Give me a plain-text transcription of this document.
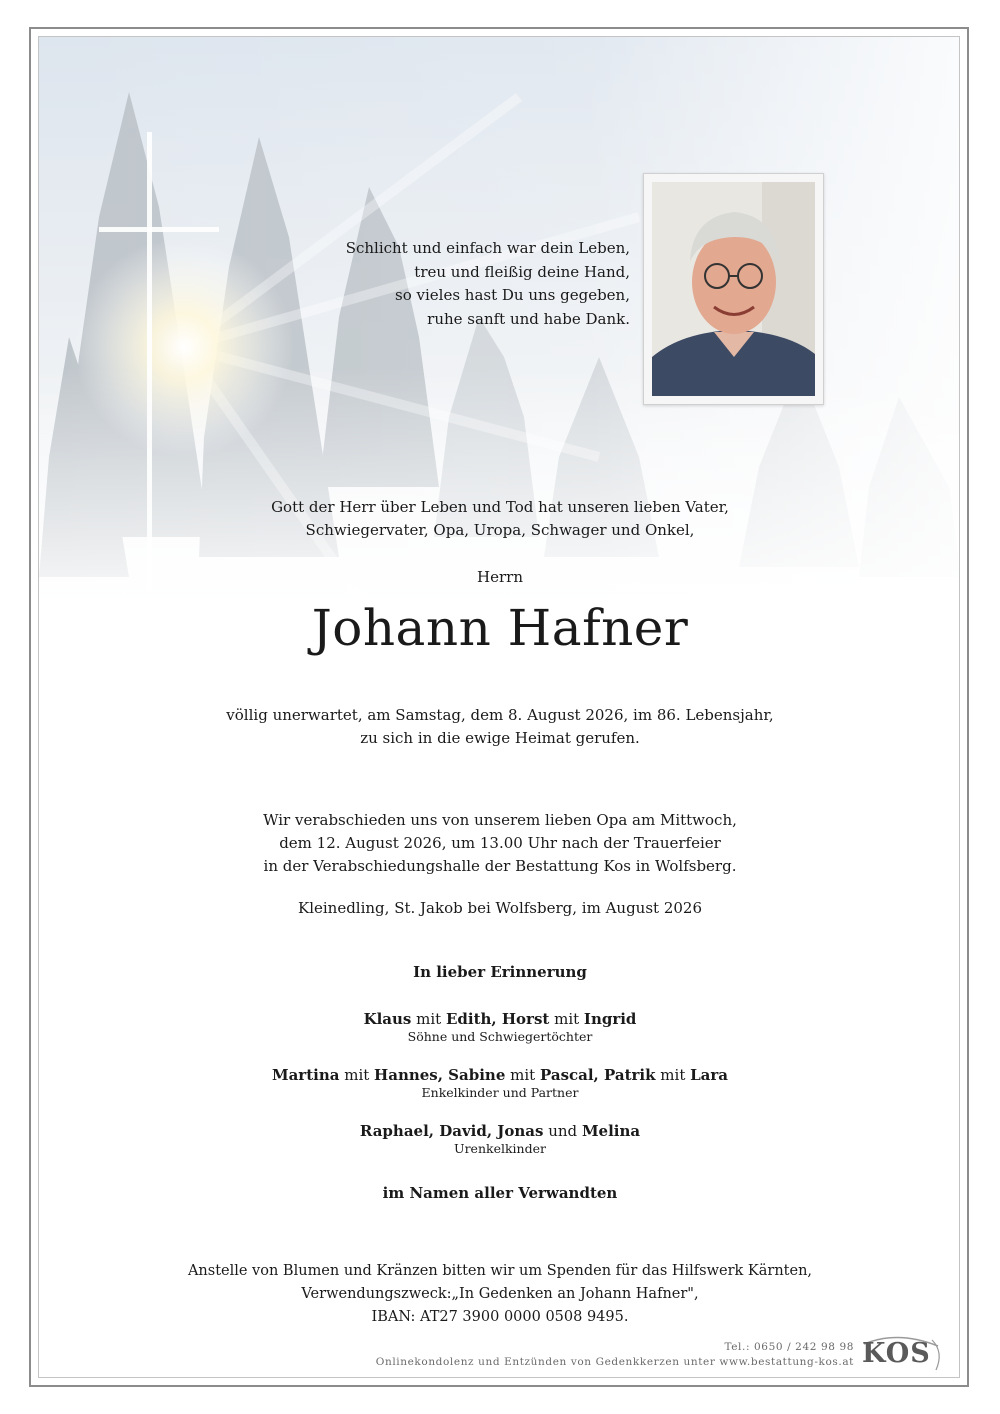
Schlicht und einfach war dein Leben,
treu und fleißig deine Hand,
so vieles hast Du uns gegeben,
ruhe sanft und habe Dank.
Gott der Herr über Leben und Tod hat unseren lieben Vater,
Schwiegervater, Opa, Uropa, Schwager und Onkel,
Herrn
Johann Hafner
völlig unerwartet, am Samstag, dem 8. August 2026, im 86. Lebensjahr,
zu sich in die ewige Heimat gerufen.
Wir verabschieden uns von unserem lieben Opa am Mittwoch,
dem 12. August 2026, um 13.00 Uhr nach der Trauerfeier
in der Verabschiedungshalle der Bestattung Kos in Wolfsberg.
Kleinedling, St. Jakob bei Wolfsberg, im August 2026
In lieber Erinnerung
Klaus mit Edith, Horst mit Ingrid
Söhne und Schwiegertöchter
Martina mit Hannes, Sabine mit Pascal, Patrik mit Lara
Enkelkinder und Partner
Raphael, David, Jonas und Melina
Urenkelkinder
im Namen aller Verwandten
Anstelle von Blumen und Kränzen bitten wir um Spenden für das Hilfswerk Kärnten,
Verwendungszweck:„In Gedenken an Johann Hafner",
IBAN: AT27 3900 0000 0508 9495.
Tel.: 0650 / 242 98 98
Onlinekondolenz und Entzünden von Gedenkkerzen unter www.bestattung-kos.at KOS
